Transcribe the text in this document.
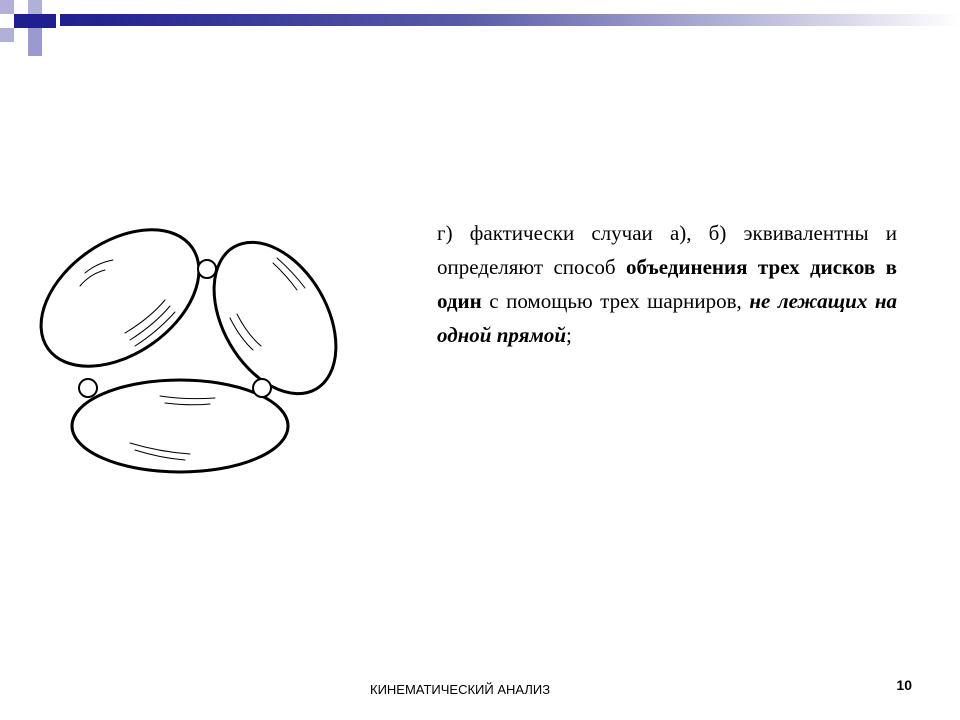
г) фактически случаи а), б) эквивалентны и определяют способ объединения трех дисков в один с помощью трех шарниров, не лежащих на одной прямой;
КИНЕМАТИЧЕСКИЙ АНАЛИЗ	10
